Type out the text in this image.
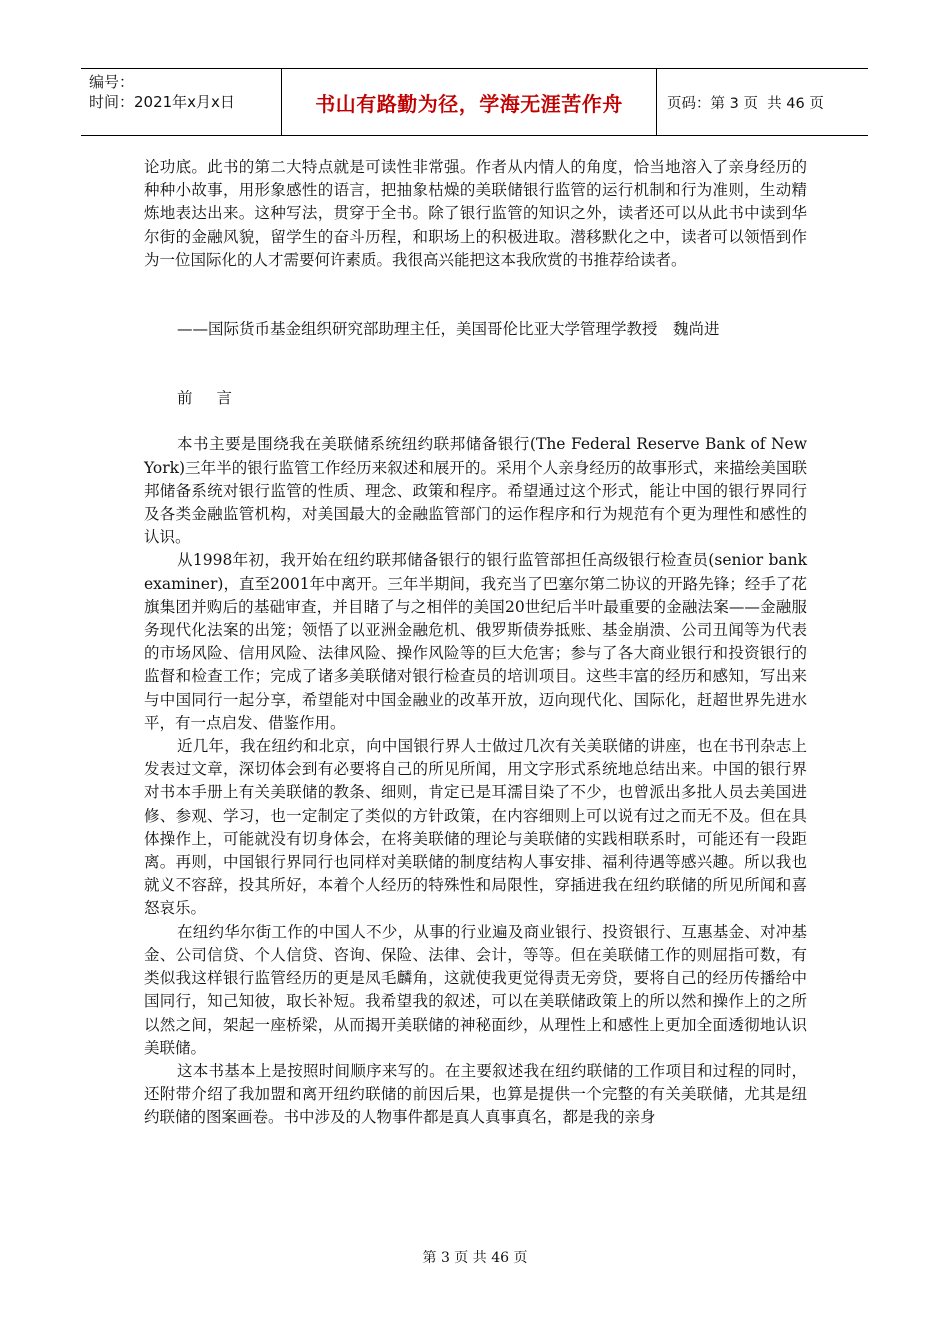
编号：
时间：2021年x月x日	书山有路勤为径，学海无涯苦作舟	页码：第 3 页  共 46 页

论功底。此书的第二大特点就是可读性非常强。作者从内情人的角度，恰当地溶入了亲身经历的种种小故事，用形象感性的语言，把抽象枯燥的美联储银行监管的运行机制和行为准则，生动精炼地表达出来。这种写法，贯穿于全书。除了银行监管的知识之外，读者还可以从此书中读到华尔街的金融风貌，留学生的奋斗历程，和职场上的积极进取。潜移默化之中，读者可以领悟到作为一位国际化的人才需要何许素质。我很高兴能把这本我欣赏的书推荐给读者。

——国际货币基金组织研究部助理主任，美国哥伦比亚大学管理学教授　魏尚进

前 言

本书主要是围绕我在美联储系统纽约联邦储备银行(The Federal Reserve Bank of New York)三年半的银行监管工作经历来叙述和展开的。采用个人亲身经历的故事形式，来描绘美国联邦储备系统对银行监管的性质、理念、政策和程序。希望通过这个形式，能让中国的银行界同行及各类金融监管机构，对美国最大的金融监管部门的运作程序和行为规范有个更为理性和感性的认识。

从1998年初，我开始在纽约联邦储备银行的银行监管部担任高级银行检查员(senior bank examiner)，直至2001年中离开。三年半期间，我充当了巴塞尔第二协议的开路先锋；经手了花旗集团并购后的基础审查，并目睹了与之相伴的美国20世纪后半叶最重要的金融法案——金融服务现代化法案的出笼；领悟了以亚洲金融危机、俄罗斯债券抵账、基金崩溃、公司丑闻等为代表的市场风险、信用风险、法律风险、操作风险等的巨大危害；参与了各大商业银行和投资银行的监督和检查工作；完成了诸多美联储对银行检查员的培训项目。这些丰富的经历和感知，写出来与中国同行一起分享，希望能对中国金融业的改革开放，迈向现代化、国际化，赶超世界先进水平，有一点启发、借鉴作用。

近几年，我在纽约和北京，向中国银行界人士做过几次有关美联储的讲座，也在书刊杂志上发表过文章，深切体会到有必要将自己的所见所闻，用文字形式系统地总结出来。中国的银行界对书本手册上有关美联储的教条、细则，肯定已是耳濡目染了不少，也曾派出多批人员去美国进修、参观、学习，也一定制定了类似的方针政策，在内容细则上可以说有过之而无不及。但在具体操作上，可能就没有切身体会，在将美联储的理论与美联储的实践相联系时，可能还有一段距离。再则，中国银行界同行也同样对美联储的制度结构人事安排、福利待遇等感兴趣。所以我也就义不容辞，投其所好，本着个人经历的特殊性和局限性，穿插进我在纽约联储的所见所闻和喜怒哀乐。

在纽约华尔街工作的中国人不少，从事的行业遍及商业银行、投资银行、互惠基金、对冲基金、公司信贷、个人信贷、咨询、保险、法律、会计，等等。但在美联储工作的则屈指可数，有类似我这样银行监管经历的更是凤毛麟角，这就使我更觉得责无旁贷，要将自己的经历传播给中国同行，知己知彼，取长补短。我希望我的叙述，可以在美联储政策上的所以然和操作上的之所以然之间，架起一座桥梁，从而揭开美联储的神秘面纱，从理性上和感性上更加全面透彻地认识美联储。

这本书基本上是按照时间顺序来写的。在主要叙述我在纽约联储的工作项目和过程的同时，还附带介绍了我加盟和离开纽约联储的前因后果，也算是提供一个完整的有关美联储，尤其是纽约联储的图案画卷。书中涉及的人物事件都是真人真事真名，都是我的亲身

第 3 页 共 46 页
